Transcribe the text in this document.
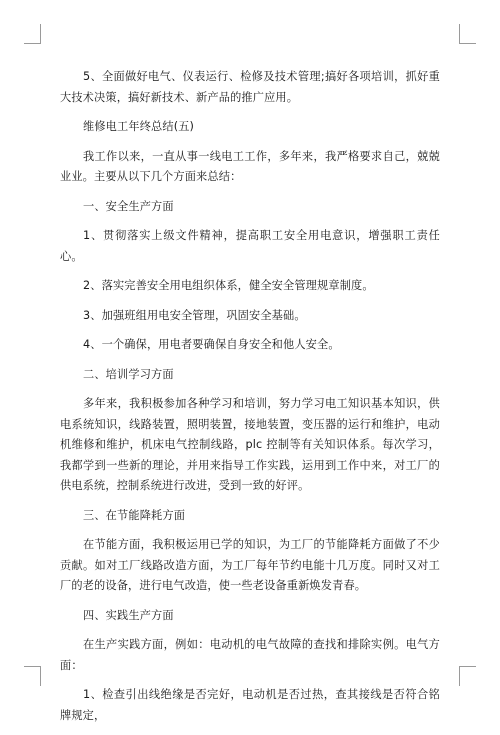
5、全面做好电气、仪表运行、检修及技术管理;搞好各项培训，抓好重大技术决策，搞好新技术、新产品的推广应用。

维修电工年终总结(五)

我工作以来，一直从事一线电工工作，多年来，我严格要求自己，兢兢业业。主要从以下几个方面来总结：

一、安全生产方面

1、贯彻落实上级文件精神，提高职工安全用电意识，增强职工责任心。

2、落实完善安全用电组织体系，健全安全管理规章制度。

3、加强班组用电安全管理，巩固安全基础。

4、一个确保，用电者要确保自身安全和他人安全。

二、培训学习方面

多年来，我积极参加各种学习和培训，努力学习电工知识基本知识，供电系统知识，线路装置，照明装置，接地装置，变压器的运行和维护，电动机维修和维护，机床电气控制线路，plc 控制等有关知识体系。每次学习，我都学到一些新的理论，并用来指导工作实践，运用到工作中来，对工厂的供电系统，控制系统进行改进，受到一致的好评。

三、在节能降耗方面

在节能方面，我积极运用已学的知识，为工厂的节能降耗方面做了不少贡献。如对工厂线路改造方面，为工厂每年节约电能十几万度。同时又对工厂的老的设备，进行电气改造，使一些老设备重新焕发青春。

四、实践生产方面

在生产实践方面，例如：电动机的电气故障的查找和排除实例。电气方面：

1、检查引出线绝缘是否完好，电动机是否过热，查其接线是否符合铭牌规定，
